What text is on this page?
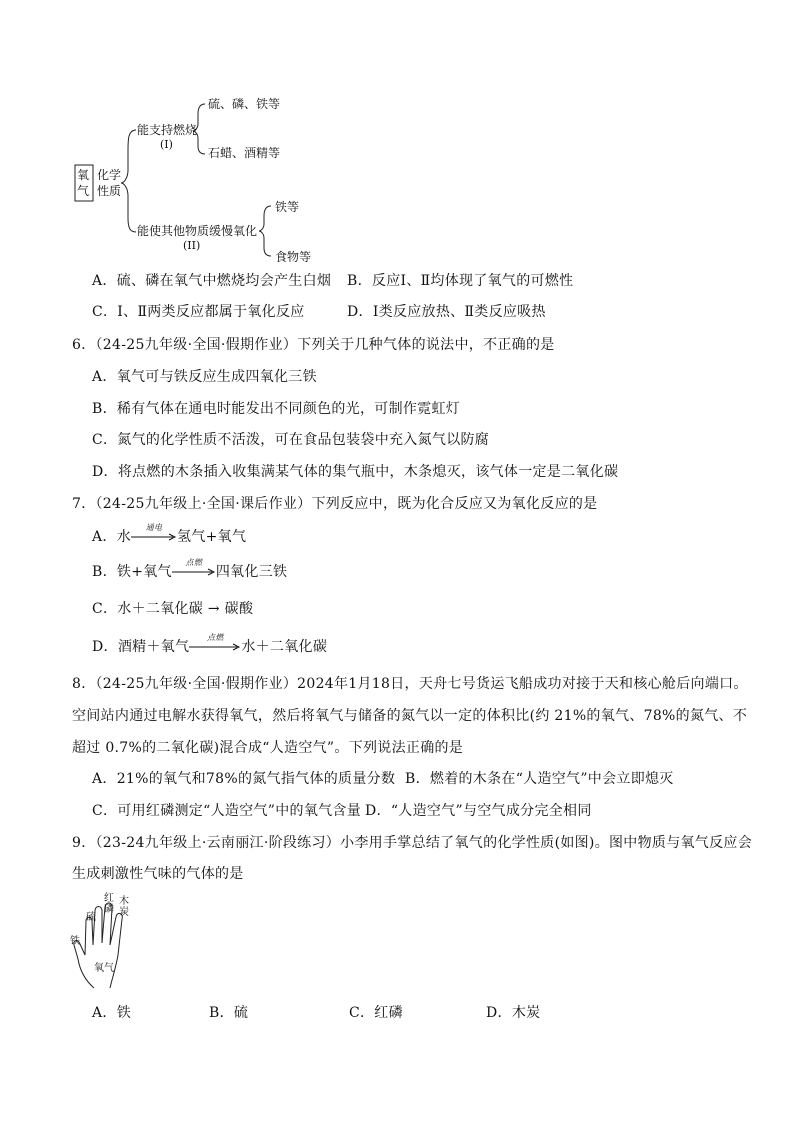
氧
气
化学
性质
能支持燃烧
(I)
硫、磷、铁等
石蜡、酒精等
能使其他物质缓慢氧化
(II)
铁等
食物等
A．硫、磷在氧气中燃烧均会产生白烟 B．反应Ⅰ、Ⅱ均体现了氧气的可燃性
C．Ⅰ、Ⅱ两类反应都属于氧化反应	D．Ⅰ类反应放热、Ⅱ类反应吸热
6．（24-25九年级·全国·假期作业）下列关于几种气体的说法中，不正确的是
A．氧气可与铁反应生成四氧化三铁
B．稀有气体在通电时能发出不同颜色的光，可制作霓虹灯
C．氮气的化学性质不活泼，可在食品包装袋中充入氮气以防腐
D．将点燃的木条插入收集满某气体的集气瓶中，木条熄灭，该气体一定是二氧化碳
7．（24-25九年级上·全国·课后作业）下列反应中，既为化合反应又为氧化反应的是
A．水
通电
氢气+氧气
B．铁+氧气
点燃
四氧化三铁
C．水＋二氧化碳 → 碳酸
D．酒精＋氧气
点燃
水＋二氧化碳
8．（24-25九年级·全国·假期作业）2024年1月18日，天舟七号货运飞船成功对接于天和核心舱后向端口。
空间站内通过电解水获得氧气，然后将氧气与储备的氮气以一定的体积比(约 21%的氧气、78%的氮气、不
超过 0.7%的二氧化碳)混合成“人造空气”。下列说法正确的是
A．21%的氧气和78%的氮气指气体的质量分数 B．燃着的木条在“人造空气”中会立即熄灭
C．可用红磷测定“人造空气”中的氧气含量 D．“人造空气”与空气成分完全相同
9．（23-24九年级上·云南丽江·阶段练习）小李用手掌总结了氧气的化学性质(如图)。图中物质与氧气反应会
生成刺激性气味的气体的是
氧气
铁
硫
红磷
木炭
A．铁	B．硫	C．红磷	D．木炭
